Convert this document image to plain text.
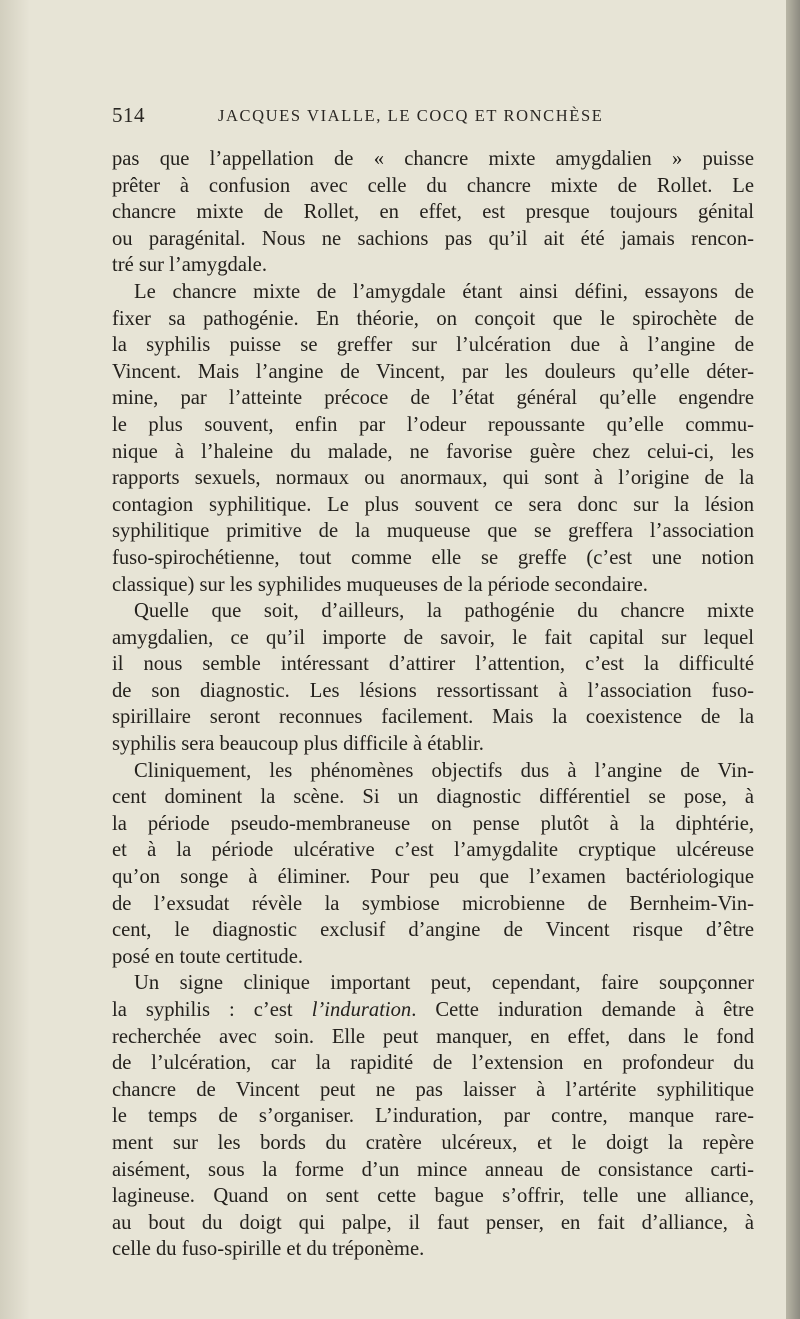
514	JACQUES VIALLE, LE COCQ ET RONCHÈSE
pas que l’appellation de « chancre mixte amygdalien » puisse
prêter à confusion avec celle du chancre mixte de Rollet. Le
chancre mixte de Rollet, en effet, est presque toujours génital
ou paragénital. Nous ne sachions pas qu’il ait été jamais rencon-
tré sur l’amygdale.
Le chancre mixte de l’amygdale étant ainsi défini, essayons de
fixer sa pathogénie. En théorie, on conçoit que le spirochète de
la syphilis puisse se greffer sur l’ulcération due à l’angine de
Vincent. Mais l’angine de Vincent, par les douleurs qu’elle déter-
mine, par l’atteinte précoce de l’état général qu’elle engendre
le plus souvent, enfin par l’odeur repoussante qu’elle commu-
nique à l’haleine du malade, ne favorise guère chez celui-ci, les
rapports sexuels, normaux ou anormaux, qui sont à l’origine de la
contagion syphilitique. Le plus souvent ce sera donc sur la lésion
syphilitique primitive de la muqueuse que se greffera l’association
fuso-spirochétienne, tout comme elle se greffe (c’est une notion
classique) sur les syphilides muqueuses de la période secondaire.
Quelle que soit, d’ailleurs, la pathogénie du chancre mixte
amygdalien, ce qu’il importe de savoir, le fait capital sur lequel
il nous semble intéressant d’attirer l’attention, c’est la difficulté
de son diagnostic. Les lésions ressortissant à l’association fuso-
spirillaire seront reconnues facilement. Mais la coexistence de la
syphilis sera beaucoup plus difficile à établir.
Cliniquement, les phénomènes objectifs dus à l’angine de Vin-
cent dominent la scène. Si un diagnostic différentiel se pose, à
la période pseudo-membraneuse on pense plutôt à la diphtérie,
et à la période ulcérative c’est l’amygdalite cryptique ulcéreuse
qu’on songe à éliminer. Pour peu que l’examen bactériologique
de l’exsudat révèle la symbiose microbienne de Bernheim-Vin-
cent, le diagnostic exclusif d’angine de Vincent risque d’être
posé en toute certitude.
Un signe clinique important peut, cependant, faire soupçonner
la syphilis : c’est l’induration. Cette induration demande à être
recherchée avec soin. Elle peut manquer, en effet, dans le fond
de l’ulcération, car la rapidité de l’extension en profondeur du
chancre de Vincent peut ne pas laisser à l’artérite syphilitique
le temps de s’organiser. L’induration, par contre, manque rare-
ment sur les bords du cratère ulcéreux, et le doigt la repère
aisément, sous la forme d’un mince anneau de consistance carti-
lagineuse. Quand on sent cette bague s’offrir, telle une alliance,
au bout du doigt qui palpe, il faut penser, en fait d’alliance, à
celle du fuso-spirille et du tréponème.
